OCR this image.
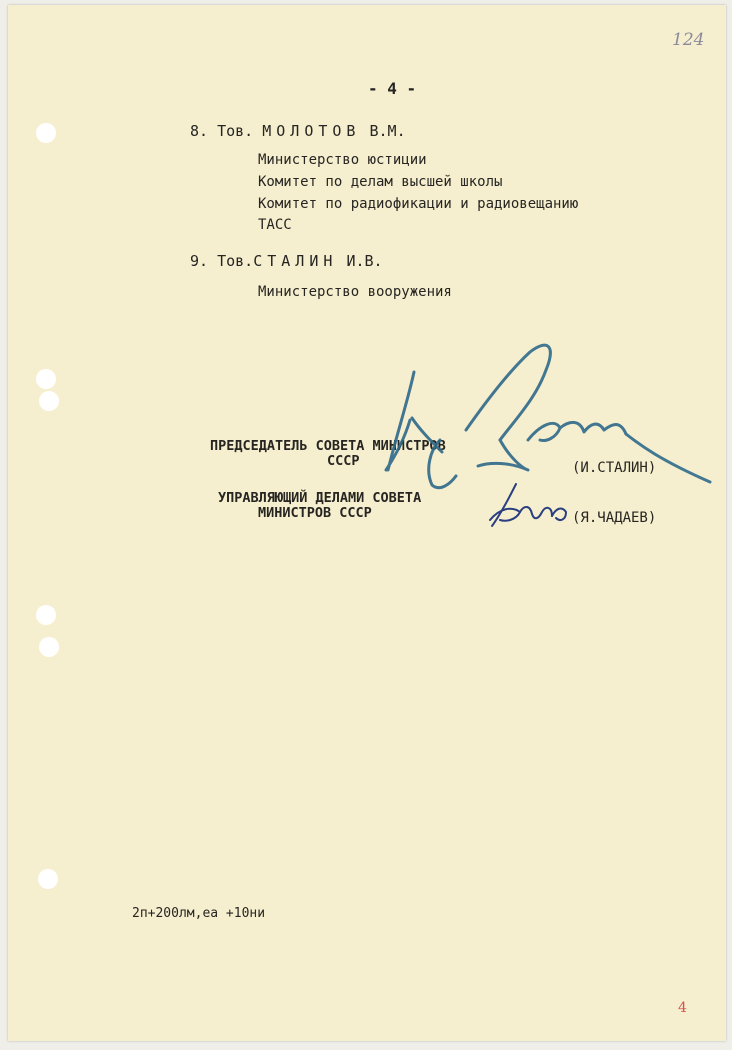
124
- 4 -
8. Тов. МОЛОТОВ В.М.
Министерство юстиции
Комитет по делам высшей школы
Комитет по радиофикации и радиовещанию
ТАСС
9. Тов.СТАЛИН И.В.
Министерство вооружения
ПРЕДСЕДАТЕЛЬ СОВЕТА МИНИСТРОВ
СССР	(И.СТАЛИН)
УПРАВЛЯЮЩИЙ ДЕЛАМИ СОВЕТА
МИНИСТРОВ СССР	(Я.ЧАДАЕВ)
2п+200лм,еа +10ни
4
